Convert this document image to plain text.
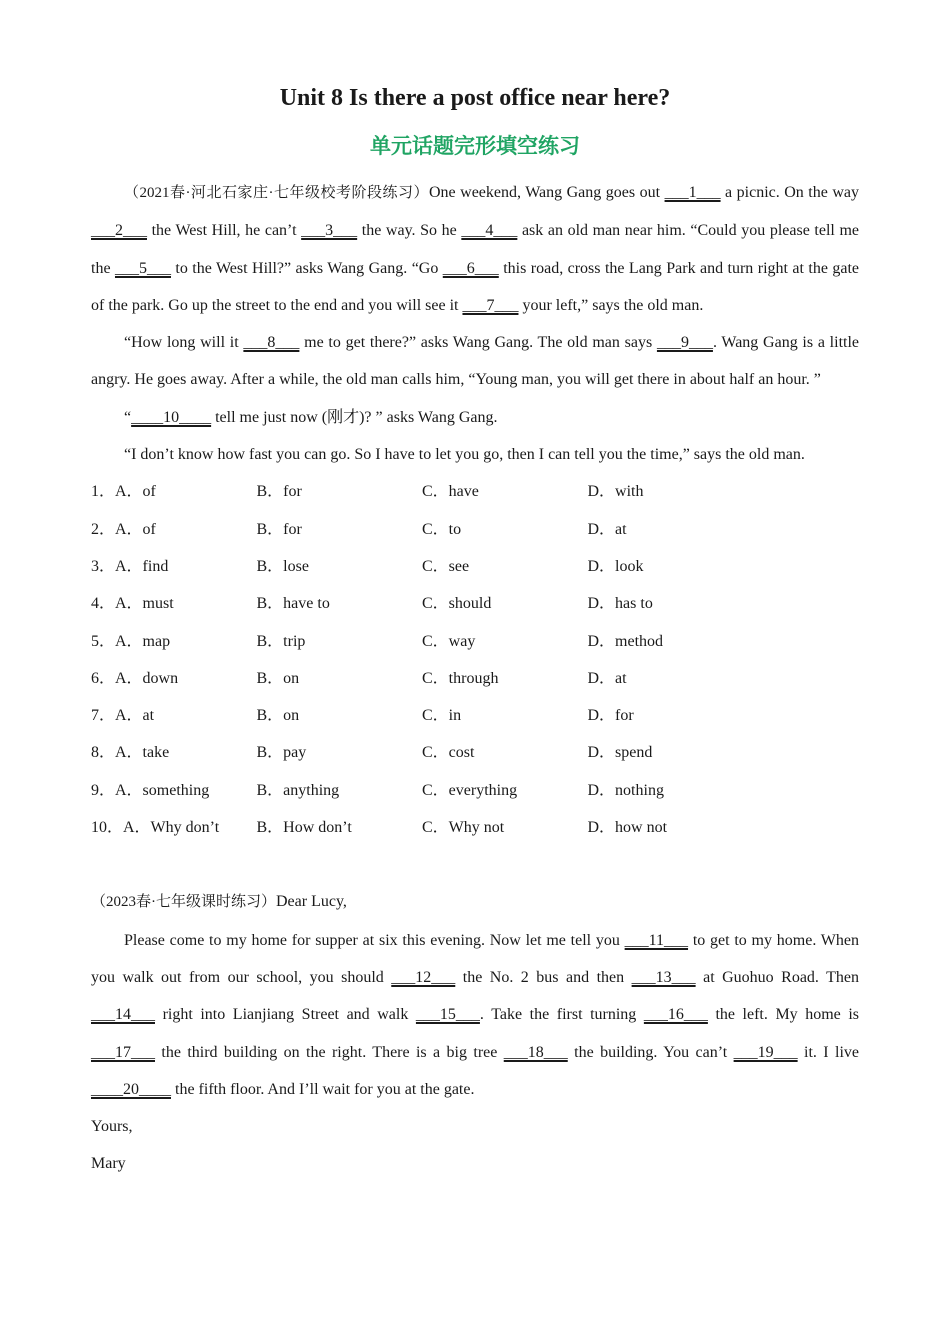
Unit 8 Is there a post office near here?
单元话题完形填空练习

（2021春·河北石家庄·七年级校考阶段练习）One weekend, Wang Gang goes out ___1___ a picnic. On the way ___2___ the West Hill, he can’t ___3___ the way. So he ___4___ ask an old man near him. “Could you please tell me the ___5___ to the West Hill?” asks Wang Gang. “Go ___6___ this road, cross the Lang Park and turn right at the gate of the park. Go up the street to the end and you will see it ___7___ your left,” says the old man.

“How long will it ___8___ me to get there?” asks Wang Gang. The old man says ___9___. Wang Gang is a little angry. He goes away. After a while, the old man calls him, “Young man, you will get there in about half an hour. ”

“____10____ tell me just now (刚才)? ” asks Wang Gang.

“I don’t know how fast you can go. So I have to let you go, then I can tell you the time,” says the old man.

1．A．of	B．for	C．have	D．with
2．A．of	B．for	C．to	D．at
3．A．find	B．lose	C．see	D．look
4．A．must	B．have to	C．should	D．has to
5．A．map	B．trip	C．way	D．method
6．A．down	B．on	C．through	D．at
7．A．at	B．on	C．in	D．for
8．A．take	B．pay	C．cost	D．spend
9．A．something	B．anything	C．everything	D．nothing
10．A．Why don’t	B．How don’t	C．Why not	D．how not

（2023春·七年级课时练习）Dear Lucy,

Please come to my home for supper at six this evening. Now let me tell you ___11___ to get to my home. When you walk out from our school, you should ___12___ the No. 2 bus and then ___13___ at Guohuo Road. Then ___14___ right into Lianjiang Street and walk ___15___. Take the first turning ___16___ the left. My home is ___17___ the third building on the right. There is a big tree ___18___ the building. You can’t ___19___ it. I live ____20____ the fifth floor. And I’ll wait for you at the gate.

Yours,

Mary
